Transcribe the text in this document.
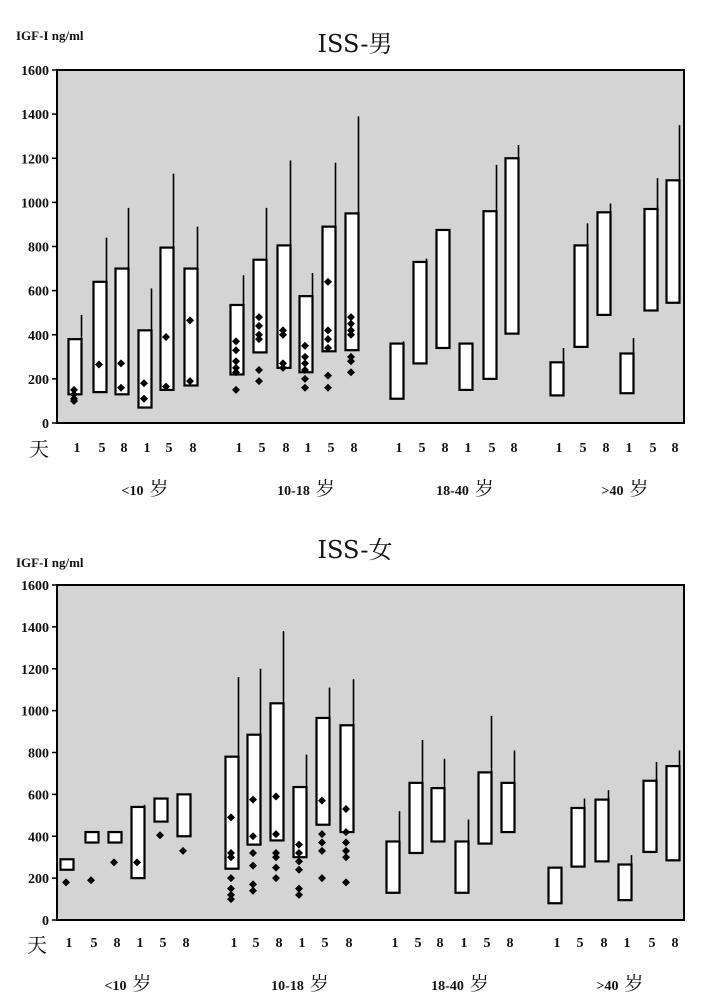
ISS-男
IGF-I ng/ml
0
200
400
600
800
1000
1200
1400
1600
天 1 5 8 1 5 8
<10 岁
1 5 8 1 5 8
10-18 岁
1 5 8 1 5 8
18-40 岁
1 5 8 1 5 8
>40 岁
ISS-女
IGF-I ng/ml
0
200
400
600
800
1000
1200
1400
1600
天 1 5 8 1 5 8
<10 岁
1 5 8 1 5 8
10-18 岁
1 5 8 1 5 8
18-40 岁
1 5 8 1 5 8
>40 岁
